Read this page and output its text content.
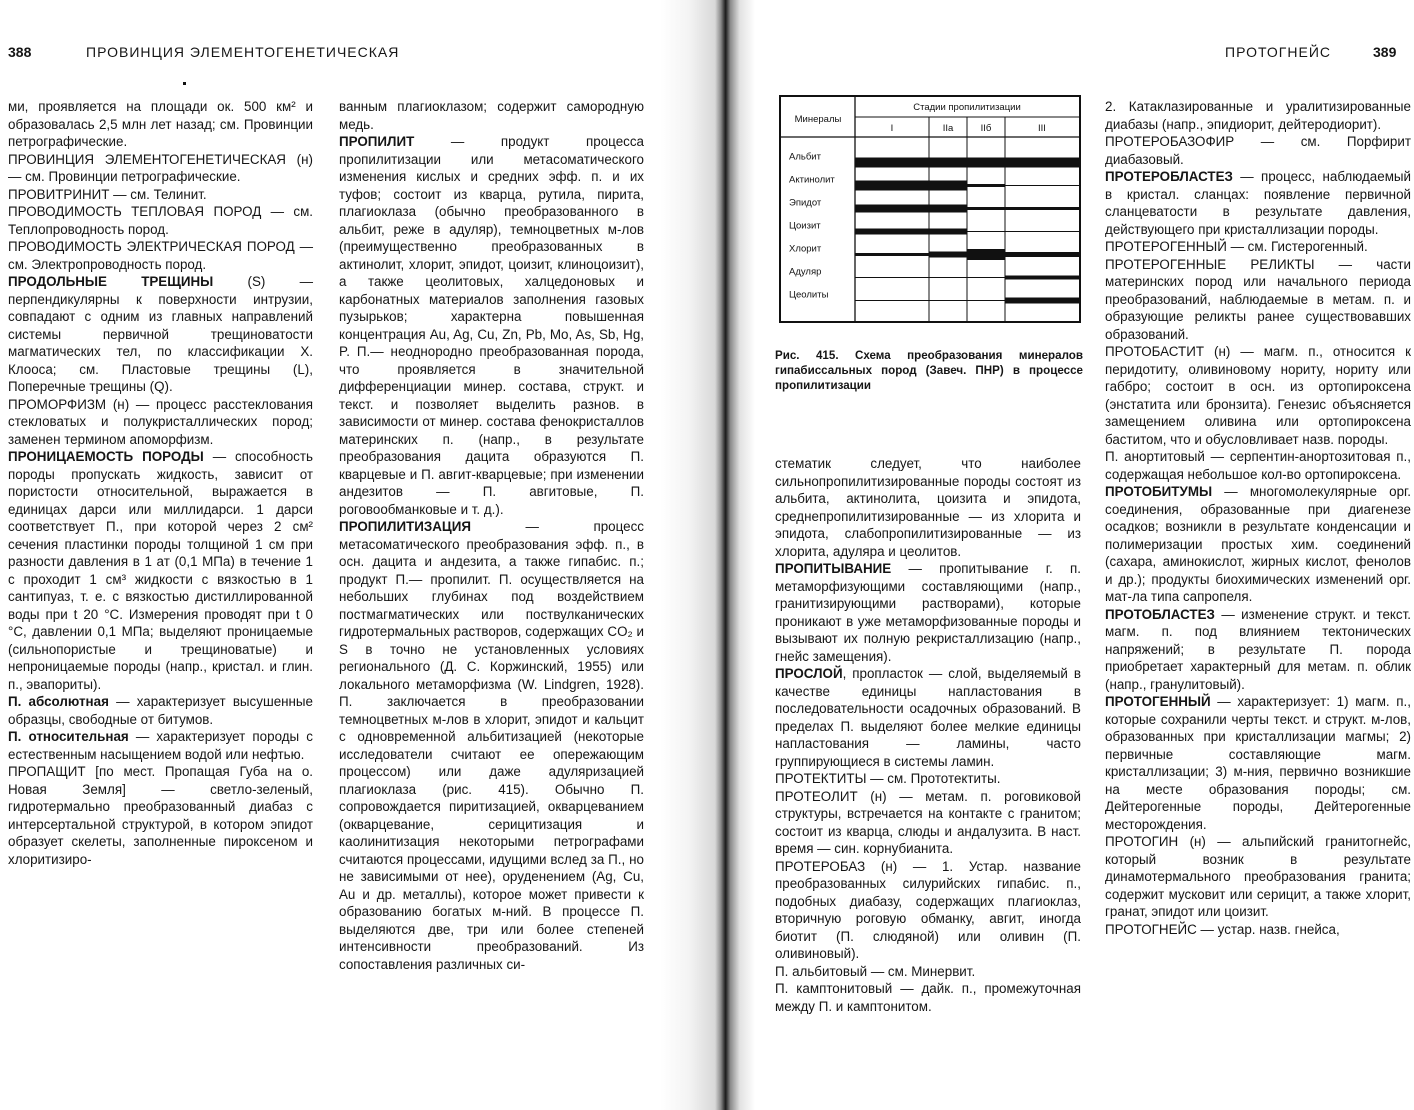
388	ПРОВИНЦИЯ ЭЛЕМЕНТОГЕНЕТИЧЕСКАЯ

ми, проявляется на площади ок. 500 км² и образовалась 2,5 млн лет назад; см. Провинции петрографические.

ПРОВИНЦИЯ ЭЛЕМЕНТОГЕНЕТИЧЕСКАЯ (н) — см. Провинции петрографические.

ПРОВИТРИНИТ — см. Телинит.

ПРОВОДИМОСТЬ ТЕПЛОВАЯ ПОРОД — см. Теплопроводность пород.

ПРОВОДИМОСТЬ ЭЛЕКТРИЧЕСКАЯ ПОРОД — см. Электропроводность пород.

ПРОДОЛЬНЫЕ ТРЕЩИНЫ (S) — перпендикулярны к поверхности интрузии, совпадают с одним из главных направлений системы первичной трещиноватости магматических тел, по классификации Х. Клооса; см. Пластовые трещины (L), Поперечные трещины (Q).

ПРОМОРФИЗМ (н) — процесс расстеклования стекловатых и полукристаллических пород; заменен термином апоморфизм.

ПРОНИЦАЕМОСТЬ ПОРОДЫ — способность породы пропускать жидкость, зависит от пористости относительной, выражается в единицах дарси или миллидарси. 1 дарси соответствует П., при которой через 2 см² сечения пластинки породы толщиной 1 см при разности давления в 1 ат (0,1 МПа) в течение 1 с проходит 1 см³ жидкости с вязкостью в 1 сантипуаз, т. е. с вязкостью дистиллированной воды при t 20 °С. Измерения проводят при t 0 °С, давлении 0,1 МПа; выделяют проницаемые (сильнопористые и трещиноватые) и непроницаемые породы (напр., кристал. и глин. п., эвапориты).

П. абсолютная — характеризует высушенные образцы, свободные от битумов.

П. относительная — характеризует породы с естественным насыщением водой или нефтью.

ПРОПАЩИТ [по мест. Пропащая Губа на о. Новая Земля] — светло-зеленый, гидротермально преобразованный диабаз с интерсертальной структурой, в котором эпидот образует скелеты, заполненные пироксеном и хлоритизиро-

ванным плагиоклазом; содержит самородную медь.

ПРОПИЛИТ — продукт процесса пропилитизации или метасоматического изменения кислых и средних эфф. п. и их туфов; состоит из кварца, рутила, пирита, плагиоклаза (обычно преобразованного в альбит, реже в адуляр), темноцветных м-лов (преимущественно преобразованных в актинолит, хлорит, эпидот, цоизит, клиноцоизит), а также цеолитовых, халцедоновых и карбонатных материалов заполнения газовых пузырьков; характерна повышенная концентрация Au, Ag, Cu, Zn, Pb, Mo, As, Sb, Hg, P. П.— неоднородно преобразованная порода, что проявляется в значительной дифференциации минер. состава, структ. и текст. и позволяет выделить разнов. в зависимости от минер. состава фенокристаллов материнских п. (напр., в результате преобразования дацита образуются П. кварцевые и П. авгит-кварцевые; при изменении андезитов — П. авгитовые, П. роговообманковые и т. д.).

ПРОПИЛИТИЗАЦИЯ — процесс метасоматического преобразования эфф. п., в осн. дацита и андезита, а также гипабис. п.; продукт П.— пропилит. П. осуществляется на небольших глубинах под воздействием постмагматических или поствулканических гидротермальных растворов, содержащих CO₂ и S в точно не установленных условиях регионального (Д. С. Коржинский, 1955) или локального метаморфизма (W. Lindgren, 1928). П. заключается в преобразовании темноцветных м-лов в хлорит, эпидот и кальцит с одновременной альбитизацией (некоторые исследователи считают ее опережающим процессом) или даже адуляризацией плагиоклаза (рис. 415). Обычно П. сопровождается пиритизацией, окварцеванием (окварцевание, серицитизация и каолинитизация некоторыми петрографами считаются процессами, идущими вслед за П., но не зависимыми от нее), оруденением (Ag, Cu, Au и др. металлы), которое может привести к образованию богатых м-ний. В процессе П. выделяются две, три или более степеней интенсивности преобразований. Из сопоставления различных си-

ПРОТОГНЕЙС	389
Минералы
Стадии пропилитизации
I	IIа	IIб	III
Альбит
Актинолит
Эпидот
Цоизит
Хлорит
Адуляр
Цеолиты
Рис. 415. Схема преобразования минералов гипабиссальных пород (Завеч. ПНР) в процессе пропилитизации

стематик следует, что наиболее сильнопропилитизированные породы состоят из альбита, актинолита, цоизита и эпидота, среднепропилитизированные — из хлорита и эпидота, слабопропилитизированные — из хлорита, адуляра и цеолитов.

ПРОПИТЫВАНИЕ — пропитывание г. п. метаморфизующими составляющими (напр., гранитизирующими растворами), которые проникают в уже метаморфизованные породы и вызывают их полную рекристаллизацию (напр., гнейс замещения).

ПРОСЛОЙ, пропласток — слой, выделяемый в качестве единицы напластования в последовательности осадочных образований. В пределах П. выделяют более мелкие единицы напластования — ламины, часто группирующиеся в системы ламин.

ПРОТЕКТИТЫ — см. Прототектиты.

ПРОТЕОЛИТ (н) — метам. п. роговиковой структуры, встречается на контакте с гранитом; состоит из кварца, слюды и андалузита. В наст. время — син. корнубианита.

ПРОТЕРОБАЗ (н) — 1. Устар. название преобразованных силурийских гипабис. п., подобных диабазу, содержащих плагиоклаз, вторичную роговую обманку, авгит, иногда биотит (П. слюдяной) или оливин (П. оливиновый).

П. альбитовый — см. Минервит.

П. камптонитовый — дайк. п., промежуточная между П. и камптонитом.

2. Катаклазированные и уралитизированные диабазы (напр., эпидиорит, дейтеродиорит).

ПРОТЕРОБАЗОФИР — см. Порфирит диабазовый.

ПРОТЕРОБЛАСТЕЗ — процесс, наблюдаемый в кристал. сланцах: появление первичной сланцеватости в результате давления, действующего при кристаллизации породы.

ПРОТЕРОГЕННЫЙ — см. Гистерогенный.

ПРОТЕРОГЕННЫЕ РЕЛИКТЫ — части материнских пород или начального периода преобразований, наблюдаемые в метам. п. и образующие реликты ранее существовавших образований.

ПРОТОБАСТИТ (н) — магм. п., относится к перидотиту, оливиновому нориту, нориту или габбро; состоит в осн. из ортопироксена (энстатита или бронзита). Генезис объясняется замещением оливина или ортопироксена баститом, что и обусловливает назв. породы.

П. анортитовый — серпентин-анортозитовая п., содержащая небольшое кол-во ортопироксена.

ПРОТОБИТУМЫ — многомолекулярные орг. соединения, образованные при диагенезе осадков; возникли в результате конденсации и полимеризации простых хим. соединений (сахара, аминокислот, жирных кислот, фенолов и др.); продукты биохимических изменений орг. мат-ла типа сапропеля.

ПРОТОБЛАСТЕЗ — изменение структ. и текст. магм. п. под влиянием тектонических напряжений; в результате П. порода приобретает характерный для метам. п. облик (напр., гранулитовый).

ПРОТОГЕННЫЙ — характеризует: 1) магм. п., которые сохранили черты текст. и структ. м-лов, образованных при кристаллизации магмы; 2) первичные составляющие магм. кристаллизации; 3) м-ния, первично возникшие на месте образования породы; см. Дейтерогенные породы, Дейтерогенные месторождения.

ПРОТОГИН (н) — альпийский гранитогнейс, который возник в результате динамотермального преобразования гранита; содержит мусковит или серицит, а также хлорит, гранат, эпидот или цоизит.

ПРОТОГНЕЙС — устар. назв. гнейса,
